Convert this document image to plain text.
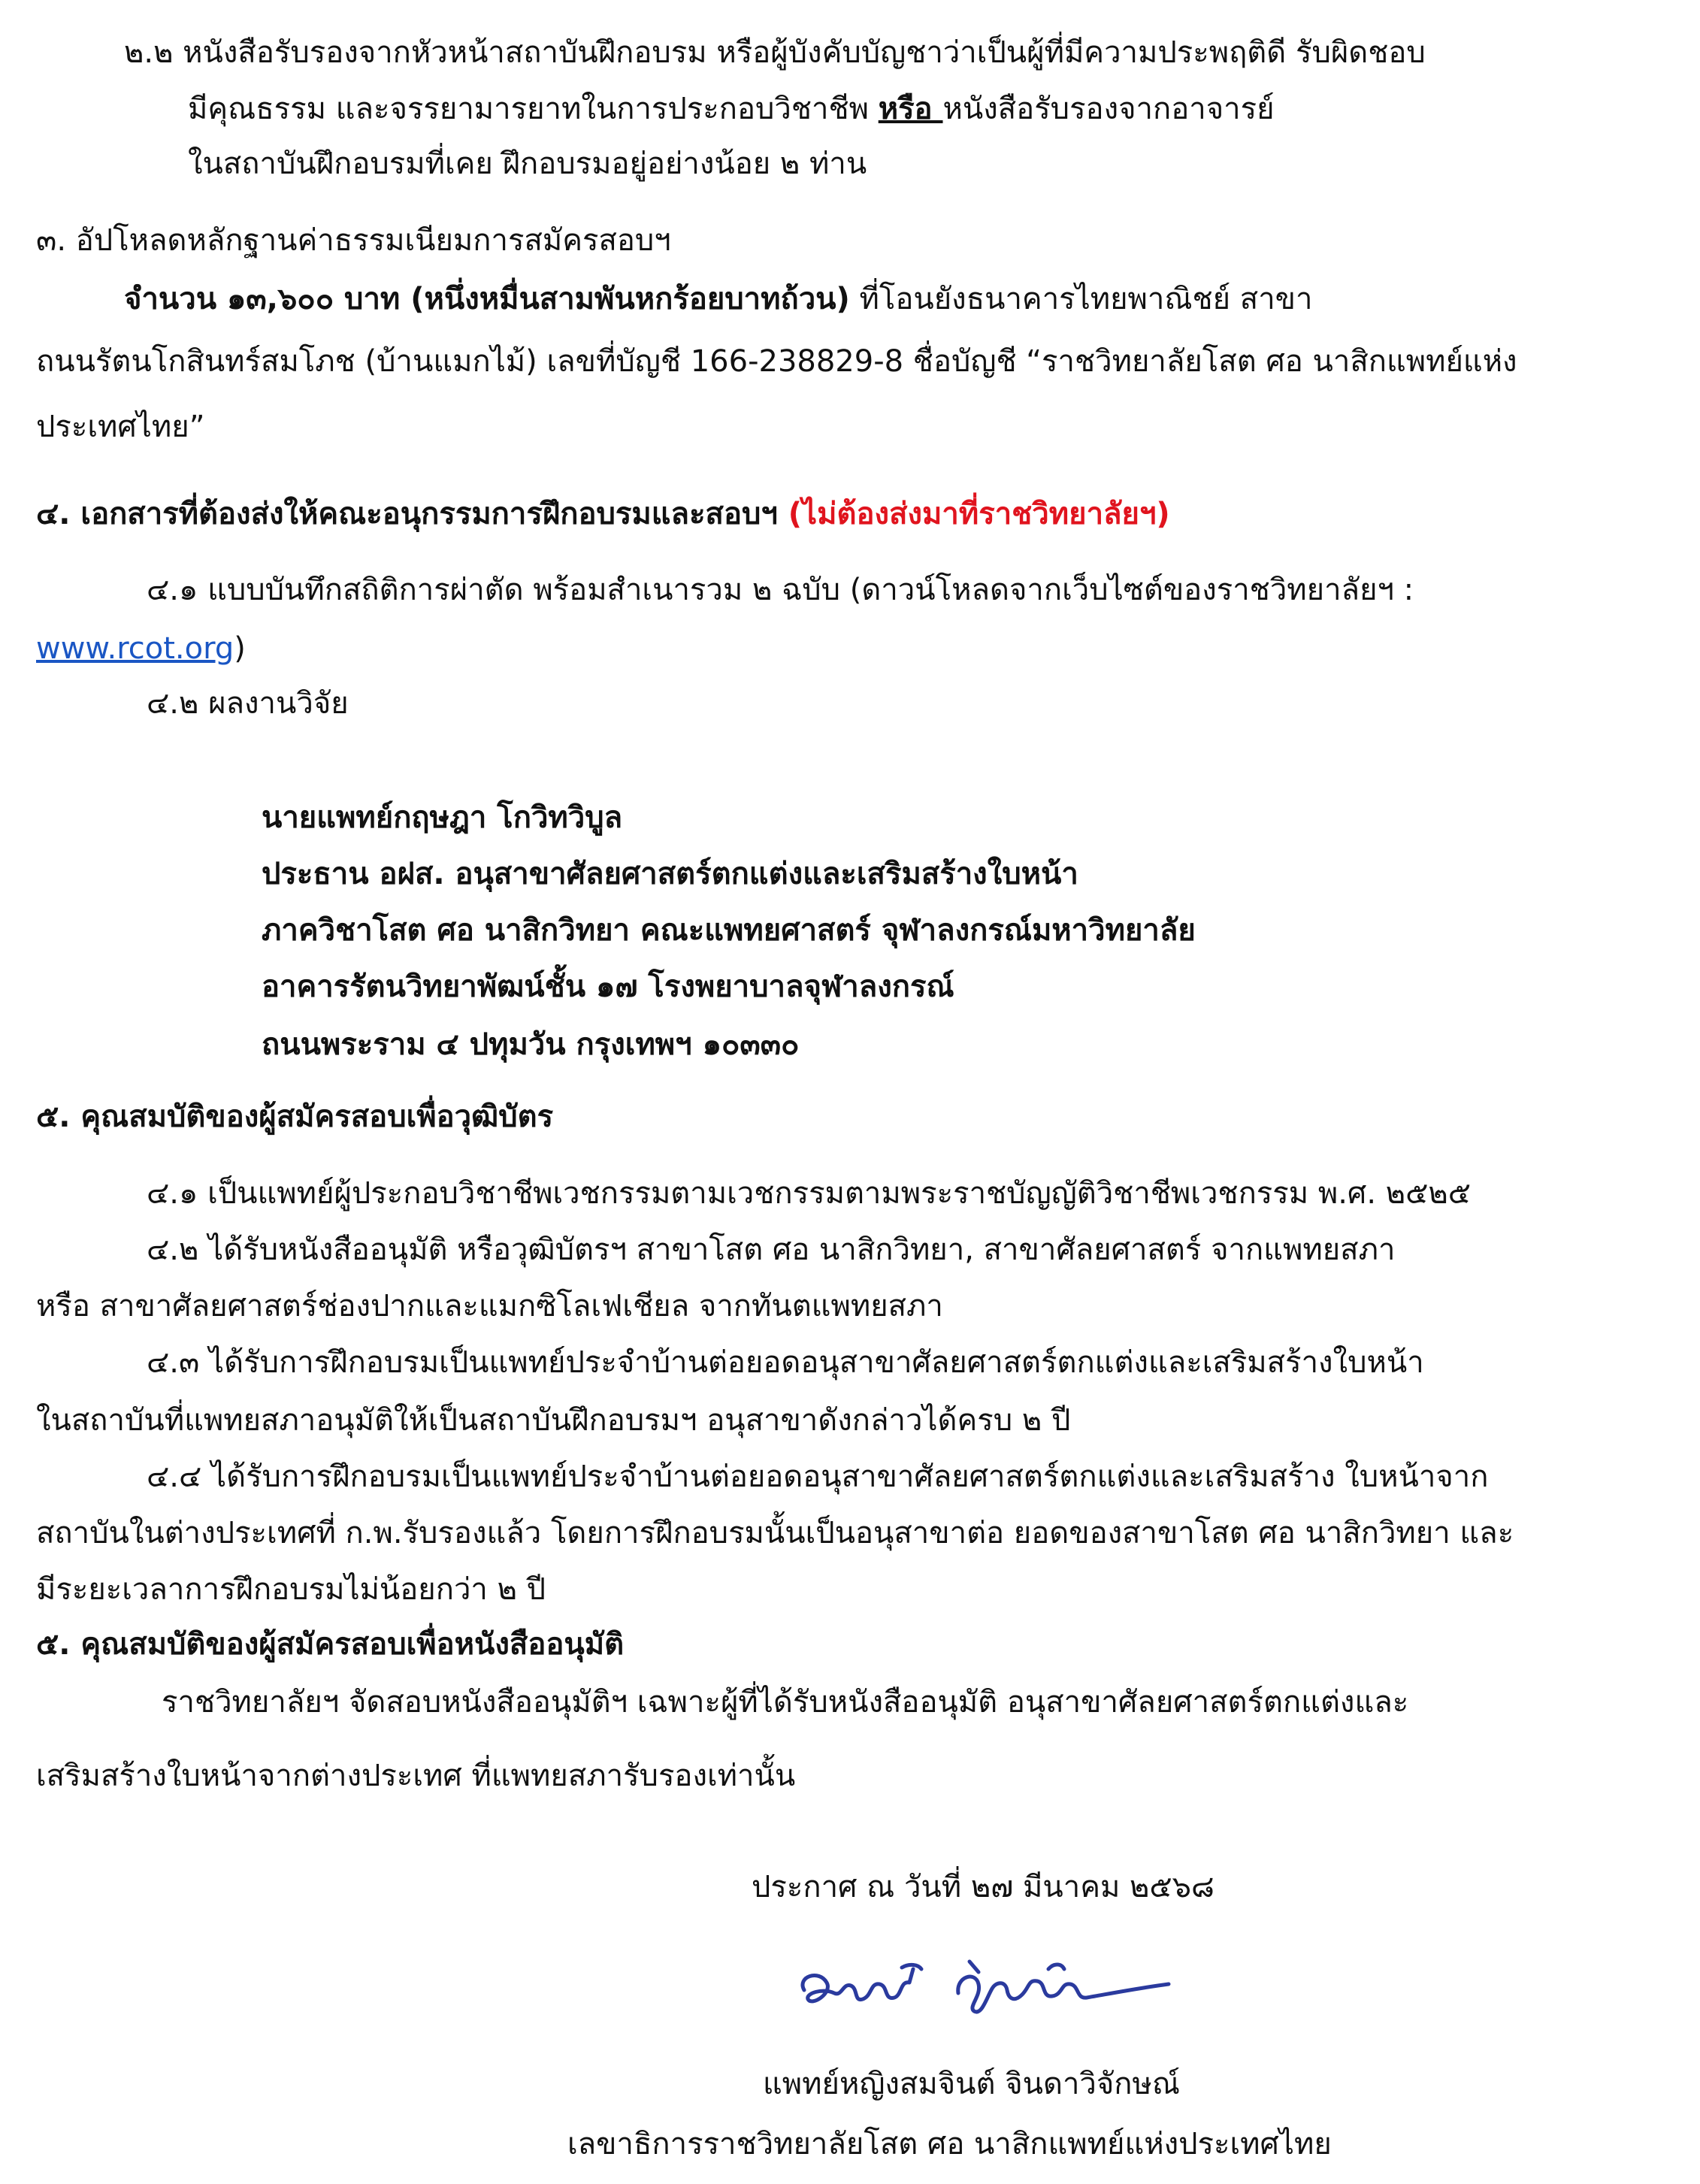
๒.๒ หนังสือรับรองจากหัวหน้าสถาบันฝึกอบรม หรือผู้บังคับบัญชาว่าเป็นผู้ที่มีความประพฤติดี รับผิดชอบ
มีคุณธรรม และจรรยามารยาทในการประกอบวิชาชีพ หรือ หนังสือรับรองจากอาจารย์
ในสถาบันฝึกอบรมที่เคย ฝึกอบรมอยู่อย่างน้อย ๒ ท่าน
๓. อัปโหลดหลักฐานค่าธรรมเนียมการสมัครสอบฯ
จำนวน ๑๓,๖๐๐ บาท (หนึ่งหมื่นสามพันหกร้อยบาทถ้วน) ที่โอนยังธนาคารไทยพาณิชย์ สาขา
ถนนรัตนโกสินทร์สมโภช (บ้านแมกไม้) เลขที่บัญชี 166-238829-8 ชื่อบัญชี “ราชวิทยาลัยโสต ศอ นาสิกแพทย์แห่ง
ประเทศไทย”
๔. เอกสารที่ต้องส่งให้คณะอนุกรรมการฝึกอบรมและสอบฯ (ไม่ต้องส่งมาที่ราชวิทยาลัยฯ)
๔.๑ แบบบันทึกสถิติการผ่าตัด พร้อมสำเนารวม ๒ ฉบับ (ดาวน์โหลดจากเว็บไซต์ของราชวิทยาลัยฯ :
www.rcot.org)
๔.๒ ผลงานวิจัย
นายแพทย์กฤษฎา โกวิทวิบูล
ประธาน อฝส. อนุสาขาศัลยศาสตร์ตกแต่งและเสริมสร้างใบหน้า
ภาควิชาโสต ศอ นาสิกวิทยา คณะแพทยศาสตร์ จุฬาลงกรณ์มหาวิทยาลัย
อาคารรัตนวิทยาพัฒน์ชั้น ๑๗ โรงพยาบาลจุฬาลงกรณ์
ถนนพระราม ๔ ปทุมวัน กรุงเทพฯ ๑๐๓๓๐
๕. คุณสมบัติของผู้สมัครสอบเพื่อวุฒิบัตร
๔.๑ เป็นแพทย์ผู้ประกอบวิชาชีพเวชกรรมตามเวชกรรมตามพระราชบัญญัติวิชาชีพเวชกรรม พ.ศ. ๒๕๒๕
๔.๒ ได้รับหนังสืออนุมัติ หรือวุฒิบัตรฯ สาขาโสต ศอ นาสิกวิทยา, สาขาศัลยศาสตร์ จากแพทยสภา
หรือ สาขาศัลยศาสตร์ช่องปากและแมกซิโลเฟเชียล จากทันตแพทยสภา
๔.๓ ได้รับการฝึกอบรมเป็นแพทย์ประจำบ้านต่อยอดอนุสาขาศัลยศาสตร์ตกแต่งและเสริมสร้างใบหน้า
ในสถาบันที่แพทยสภาอนุมัติให้เป็นสถาบันฝึกอบรมฯ อนุสาขาดังกล่าวได้ครบ ๒ ปี
๔.๔ ได้รับการฝึกอบรมเป็นแพทย์ประจำบ้านต่อยอดอนุสาขาศัลยศาสตร์ตกแต่งและเสริมสร้าง ใบหน้าจาก
สถาบันในต่างประเทศที่ ก.พ.รับรองแล้ว โดยการฝึกอบรมนั้นเป็นอนุสาขาต่อ ยอดของสาขาโสต ศอ นาสิกวิทยา และ
มีระยะเวลาการฝึกอบรมไม่น้อยกว่า ๒ ปี
๕. คุณสมบัติของผู้สมัครสอบเพื่อหนังสืออนุมัติ
ราชวิทยาลัยฯ จัดสอบหนังสืออนุมัติฯ เฉพาะผู้ที่ได้รับหนังสืออนุมัติ อนุสาขาศัลยศาสตร์ตกแต่งและ
เสริมสร้างใบหน้าจากต่างประเทศ ที่แพทยสภารับรองเท่านั้น
ประกาศ ณ วันที่ ๒๗ มีนาคม ๒๕๖๘
แพทย์หญิงสมจินต์ จินดาวิจักษณ์
เลขาธิการราชวิทยาลัยโสต ศอ นาสิกแพทย์แห่งประเทศไทย
